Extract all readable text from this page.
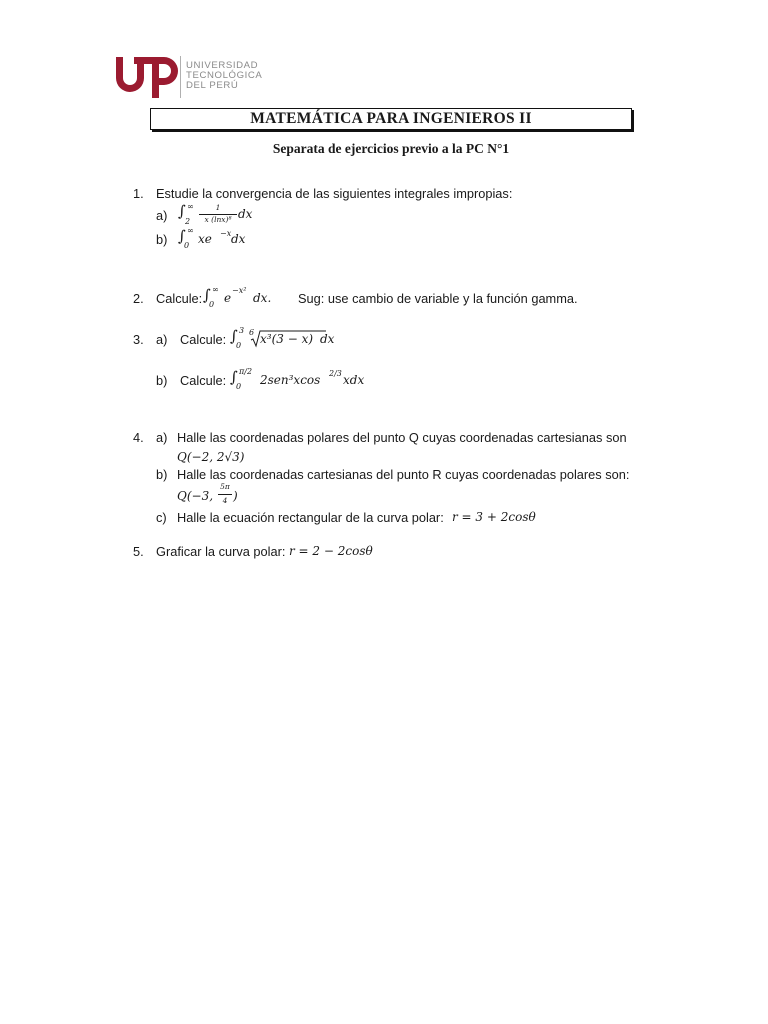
UNIVERSIDAD
TECNOLÓGICA
DEL PERÚ
MATEMÁTICA PARA INGENIEROS II
Separata de ejercicios previo a la PC N°1
1. Estudie la convergencia de las siguientes integrales impropias:
a) ∫
2
∞	1
x (lnx)⁸ dx
b) ∫
0
∞
xe −x dx
2. Calcule: ∫
0
∞
e
−x²
dx. Sug: use cambio de variable y la función gamma.
3. a) Calcule: ∫
0
3 6 x³(3 − x) dx
b) Calcule: ∫
0
π/2
2sen³xcos 2/3 xdx
4. a) Halle las coordenadas polares del punto Q cuyas coordenadas cartesianas son
Q(−2, 2√3)
b) Halle las coordenadas cartesianas del punto R cuyas coordenadas polares son:
Q(−3,
5π
4 )
c) Halle la ecuación rectangular de la curva polar: r = 3 + 2cosθ
5. Graficar la curva polar: r = 2 − 2cosθ
